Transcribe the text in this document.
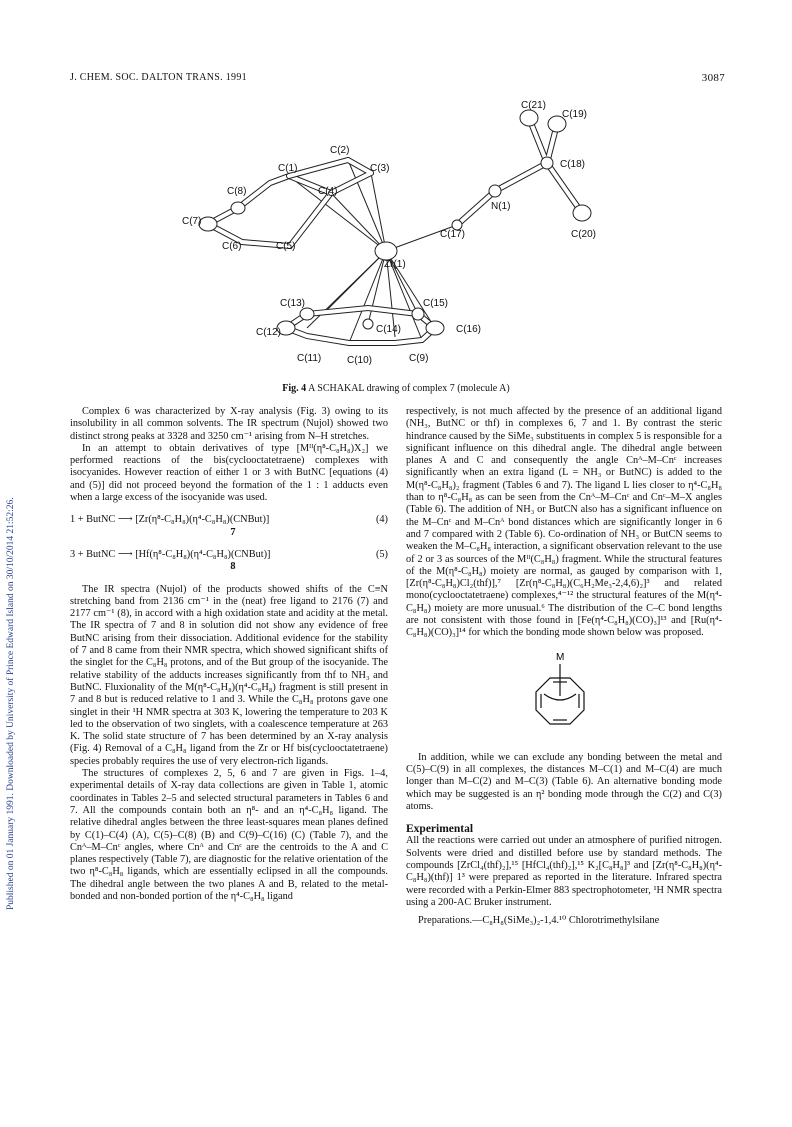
J. CHEM. SOC. DALTON TRANS. 1991	3087
Published on 01 January 1991. Downloaded by University of Prince Edward Island on 30/10/2014 21:52:26.
C(21)
C(19)
C(2)
C(1)	C(3)	C(18)
C(8)	C(4)
N(1)
C(7)
C(6)	C(5)
C(17)	C(20)
Zr(1)
C(13)	C(15)
C(12)	C(14)	C(16)
C(11)	C(10)	C(9)
Fig. 4 A SCHAKAL drawing of complex 7 (molecule A)

Complex 6 was characterized by X-ray analysis (Fig. 3) owing to its insolubility in all common solvents. The IR spectrum (Nujol) showed two distinct strong peaks at 3328 and 3250 cm⁻¹ arising from N–H stretches.

In an attempt to obtain derivatives of type [Mᴵᴵ(η⁸-C₈H₈)X₂] we performed reactions of the bis(cyclooctatetraene) complexes with isocyanides. However reaction of either 1 or 3 with ButNC [equations (4) and (5)] did not proceed beyond the formation of the 1 : 1 adducts even when a large excess of the isocyanide was used.

(4)
1 + ButNC ⟶ [Zr(η⁸-C₈H₈)(η⁴-C₈H₈)(CNBut)]
7
(5)
3 + ButNC ⟶ [Hf(η⁸-C₈H₈)(η⁴-C₈H₈)(CNBut)]
8

The IR spectra (Nujol) of the products showed shifts of the C≡N stretching band from 2136 cm⁻¹ in the (neat) free ligand to 2176 (7) and 2177 cm⁻¹ (8), in accord with a high oxidation state and acidity at the metal. The IR spectra of 7 and 8 in solution did not show any evidence of free ButNC arising from their dissociation. Additional evidence for the stability of 7 and 8 came from their NMR spectra, which showed significant shifts of the singlet for the C₈H₈ protons, and of the But group of the isocyanide. The relative stability of the adducts increases significantly from thf to NH₃ and ButNC. Fluxionality of the M(η⁸-C₈H₈)(η⁴-C₈H₈) fragment is still present in 7 and 8 but is reduced relative to 1 and 3. While the C₈H₈ protons gave one singlet in their ¹H NMR spectra at 303 K, lowering the temperature to 203 K led to the observation of two singlets, with a coalescence temperature at 263 K. The solid state structure of 7 has been determined by an X-ray analysis (Fig. 4) Removal of a C₈H₈ ligand from the Zr or Hf bis(cyclooctatetraene) species probably requires the use of very electron-rich ligands.

The structures of complexes 2, 5, 6 and 7 are given in Figs. 1–4, experimental details of X-ray data collections are given in Table 1, atomic coordinates in Tables 2–5 and selected structural parameters in Tables 6 and 7. All the compounds contain both an η⁸- and an η⁴-C₈H₈ ligand. The relative dihedral angles between the three least-squares mean planes defined by C(1)–C(4) (A), C(5)–C(8) (B) and C(9)–C(16) (C) (Table 7), and the Cnᴬ–M–Cnᶜ angles, where Cnᴬ and Cnᶜ are the centroids to the A and C planes respectively (Table 7), are diagnostic for the relative orientation of the two η⁸-C₈H₈ ligands, which are essentially eclipsed in all the compounds. The dihedral angle between the two planes A and B, related to the metal-bonded and non-bonded portion of the η⁴-C₈H₈ ligand

respectively, is not much affected by the presence of an additional ligand (NH₃, ButNC or thf) in complexes 6, 7 and 1. By contrast the steric hindrance caused by the SiMe₃ substituents in complex 5 is responsible for a significant influence on this dihedral angle. The dihedral angle between planes A and C and consequently the angle Cnᴬ–M–Cnᶜ increases significantly when an extra ligand (L = NH₃ or ButNC) is added to the M(η⁸-C₈H₈)₂ fragment (Tables 6 and 7). The ligand L lies closer to η⁴-C₈H₈ than to η⁸-C₈H₈ as can be seen from the Cnᴬ–M–Cnᶜ and Cnᶜ–M–X angles (Table 6). The addition of NH₃ or ButCN also has a significant influence on the M–Cnᶜ and M–Cnᴬ bond distances which are significantly longer in 6 and 7 compared with 2 (Table 6). Co-ordination of NH₃ or ButCN seems to weaken the M–C₈H₈ interaction, a significant observation relevant to the use of 2 or 3 as sources of the Mᴵᴵ(C₈H₈) fragment. While the structural features of the M(η⁸-C₈H₈) moiety are normal, as gauged by comparison with 1, [Zr(η⁸-C₈H₈)Cl₂(thf)],⁷ [Zr(η⁸-C₈H₈)(C₆H₂Me₃-2,4,6)₂]³ and related mono(cyclooctatetraene) complexes,⁴⁻¹² the structural features of the M(η⁴-C₈H₈) moiety are more unusual.⁶ The distribution of the C–C bond lengths are not consistent with those found in [Fe(η⁴-C₈H₈)(CO)₃]¹³ and [Ru(η⁴-C₈H₈)(CO)₃]¹⁴ for which the bonding mode shown below was proposed.

M

In addition, while we can exclude any bonding between the metal and C(5)–C(9) in all complexes, the distances M–C(1) and M–C(4) are much longer than M–C(2) and M–C(3) (Table 6). An alternative bonding mode which may be suggested is an η² bonding mode through the C(2) and C(3) atoms.

Experimental

All the reactions were carried out under an atmosphere of purified nitrogen. Solvents were dried and distilled before use by standard methods. The compounds [ZrCl₄(thf)₂],¹⁵ [HfCl₄(thf)₂],¹⁵ K₂[C₈H₈]³ and [Zr(η⁸-C₈H₈)(η⁴-C₈H₈)(thf)] 1³ were prepared as reported in the literature. Infrared spectra were recorded with a Perkin-Elmer 883 spectrophotometer, ¹H NMR spectra using a 200-AC Bruker instrument.

Preparations.—C₈H₈(SiMe₃)₂-1,4.¹⁰ Chlorotrimethylsilane
